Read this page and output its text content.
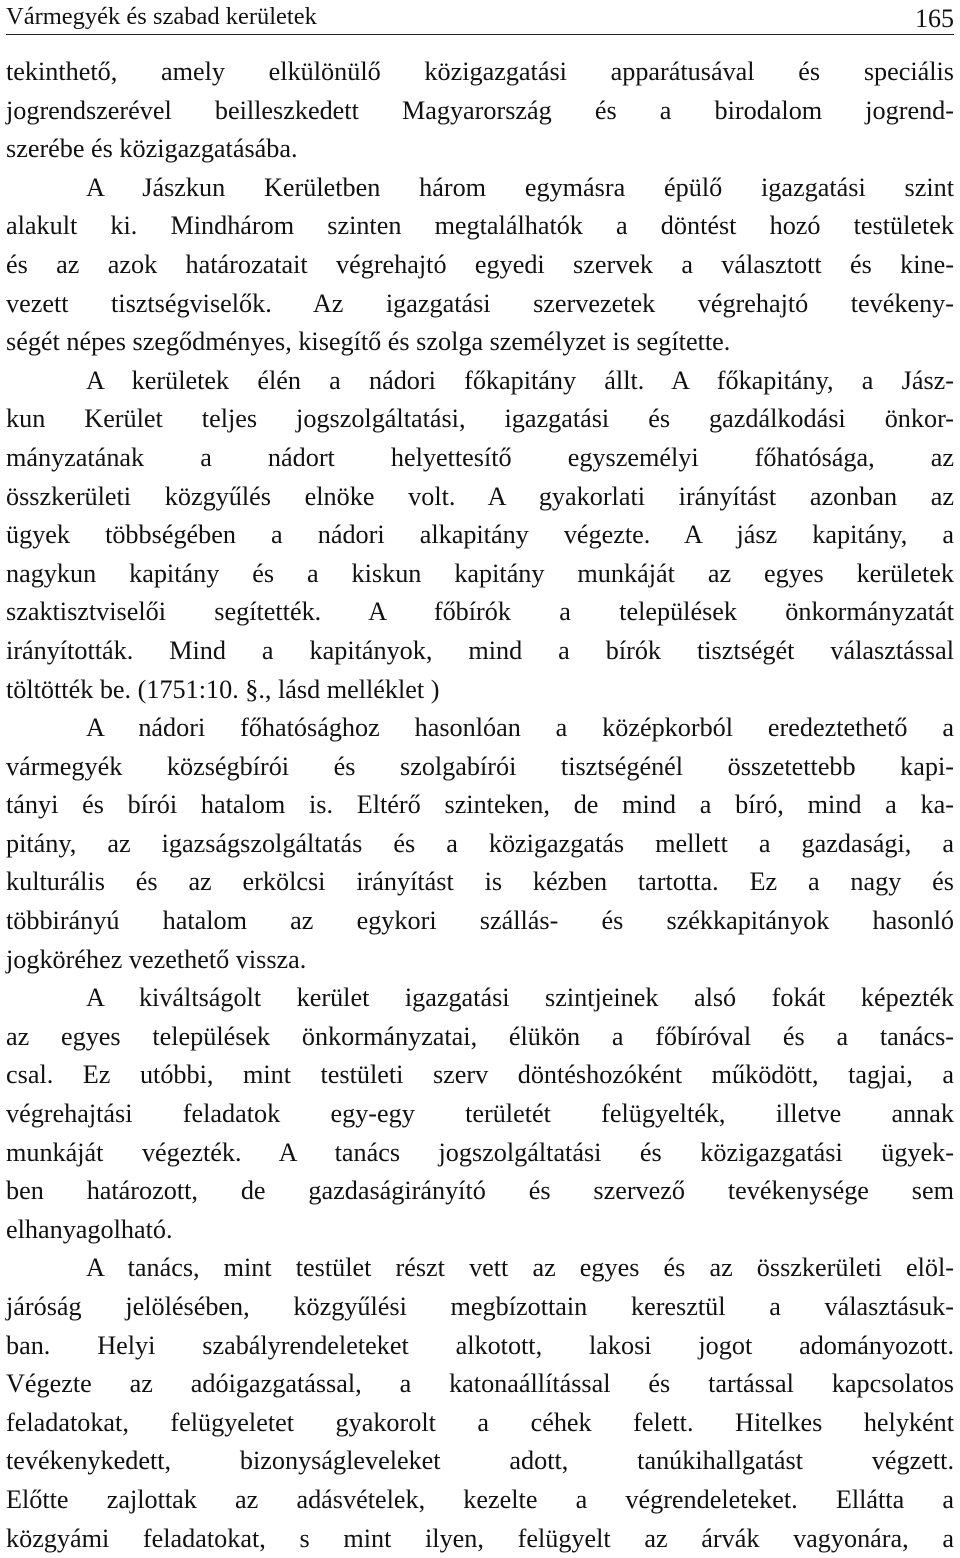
Vármegyék és szabad kerületek	165
tekinthető, amely elkülönülő közigazgatási apparátusával és speciális
jogrendszerével beilleszkedett Magyarország és a birodalom jogrend-
szerébe és közigazgatásába.
A Jászkun Kerületben három egymásra épülő igazgatási szint
alakult ki. Mindhárom szinten megtalálhatók a döntést hozó testületek
és az azok határozatait végrehajtó egyedi szervek a választott és kine-
vezett tisztségviselők. Az igazgatási szervezetek végrehajtó tevékeny-
ségét népes szegődményes, kisegítő és szolga személyzet is segítette.
A kerületek élén a nádori főkapitány állt. A főkapitány, a Jász-
kun Kerület teljes jogszolgáltatási, igazgatási és gazdálkodási önkor-
mányzatának a nádort helyettesítő egyszemélyi főhatósága, az
összkerületi közgyűlés elnöke volt. A gyakorlati irányítást azonban az
ügyek többségében a nádori alkapitány végezte. A jász kapitány, a
nagykun kapitány és a kiskun kapitány munkáját az egyes kerületek
szaktisztviselői segítették. A főbírók a települések önkormányzatát
irányították. Mind a kapitányok, mind a bírók tisztségét választással
töltötték be. (1751:10. §., lásd melléklet )
A nádori főhatósághoz hasonlóan a középkorból eredeztethető a
vármegyék községbírói és szolgabírói tisztségénél összetettebb kapi-
tányi és bírói hatalom is. Eltérő szinteken, de mind a bíró, mind a ka-
pitány, az igazságszolgáltatás és a közigazgatás mellett a gazdasági, a
kulturális és az erkölcsi irányítást is kézben tartotta. Ez a nagy és
többirányú hatalom az egykori szállás- és székkapitányok hasonló
jogköréhez vezethető vissza.
A kiváltságolt kerület igazgatási szintjeinek alsó fokát képezték
az egyes települések önkormányzatai, élükön a főbíróval és a tanács-
csal. Ez utóbbi, mint testületi szerv döntéshozóként működött, tagjai, a
végrehajtási feladatok egy-egy területét felügyelték, illetve annak
munkáját végezték. A tanács jogszolgáltatási és közigazgatási ügyek-
ben határozott, de gazdaságirányító és szervező tevékenysége sem
elhanyagolható.
A tanács, mint testület részt vett az egyes és az összkerületi elöl-
járóság jelölésében, közgyűlési megbízottain keresztül a választásuk-
ban. Helyi szabályrendeleteket alkotott, lakosi jogot adományozott.
Végezte az adóigazgatással, a katonaállítással és tartással kapcsolatos
feladatokat, felügyeletet gyakorolt a céhek felett. Hitelkes helyként
tevékenykedett, bizonyságleveleket adott, tanúkihallgatást végzett.
Előtte zajlottak az adásvételek, kezelte a végrendeleteket. Ellátta a
közgyámi feladatokat, s mint ilyen, felügyelt az árvák vagyonára, a
